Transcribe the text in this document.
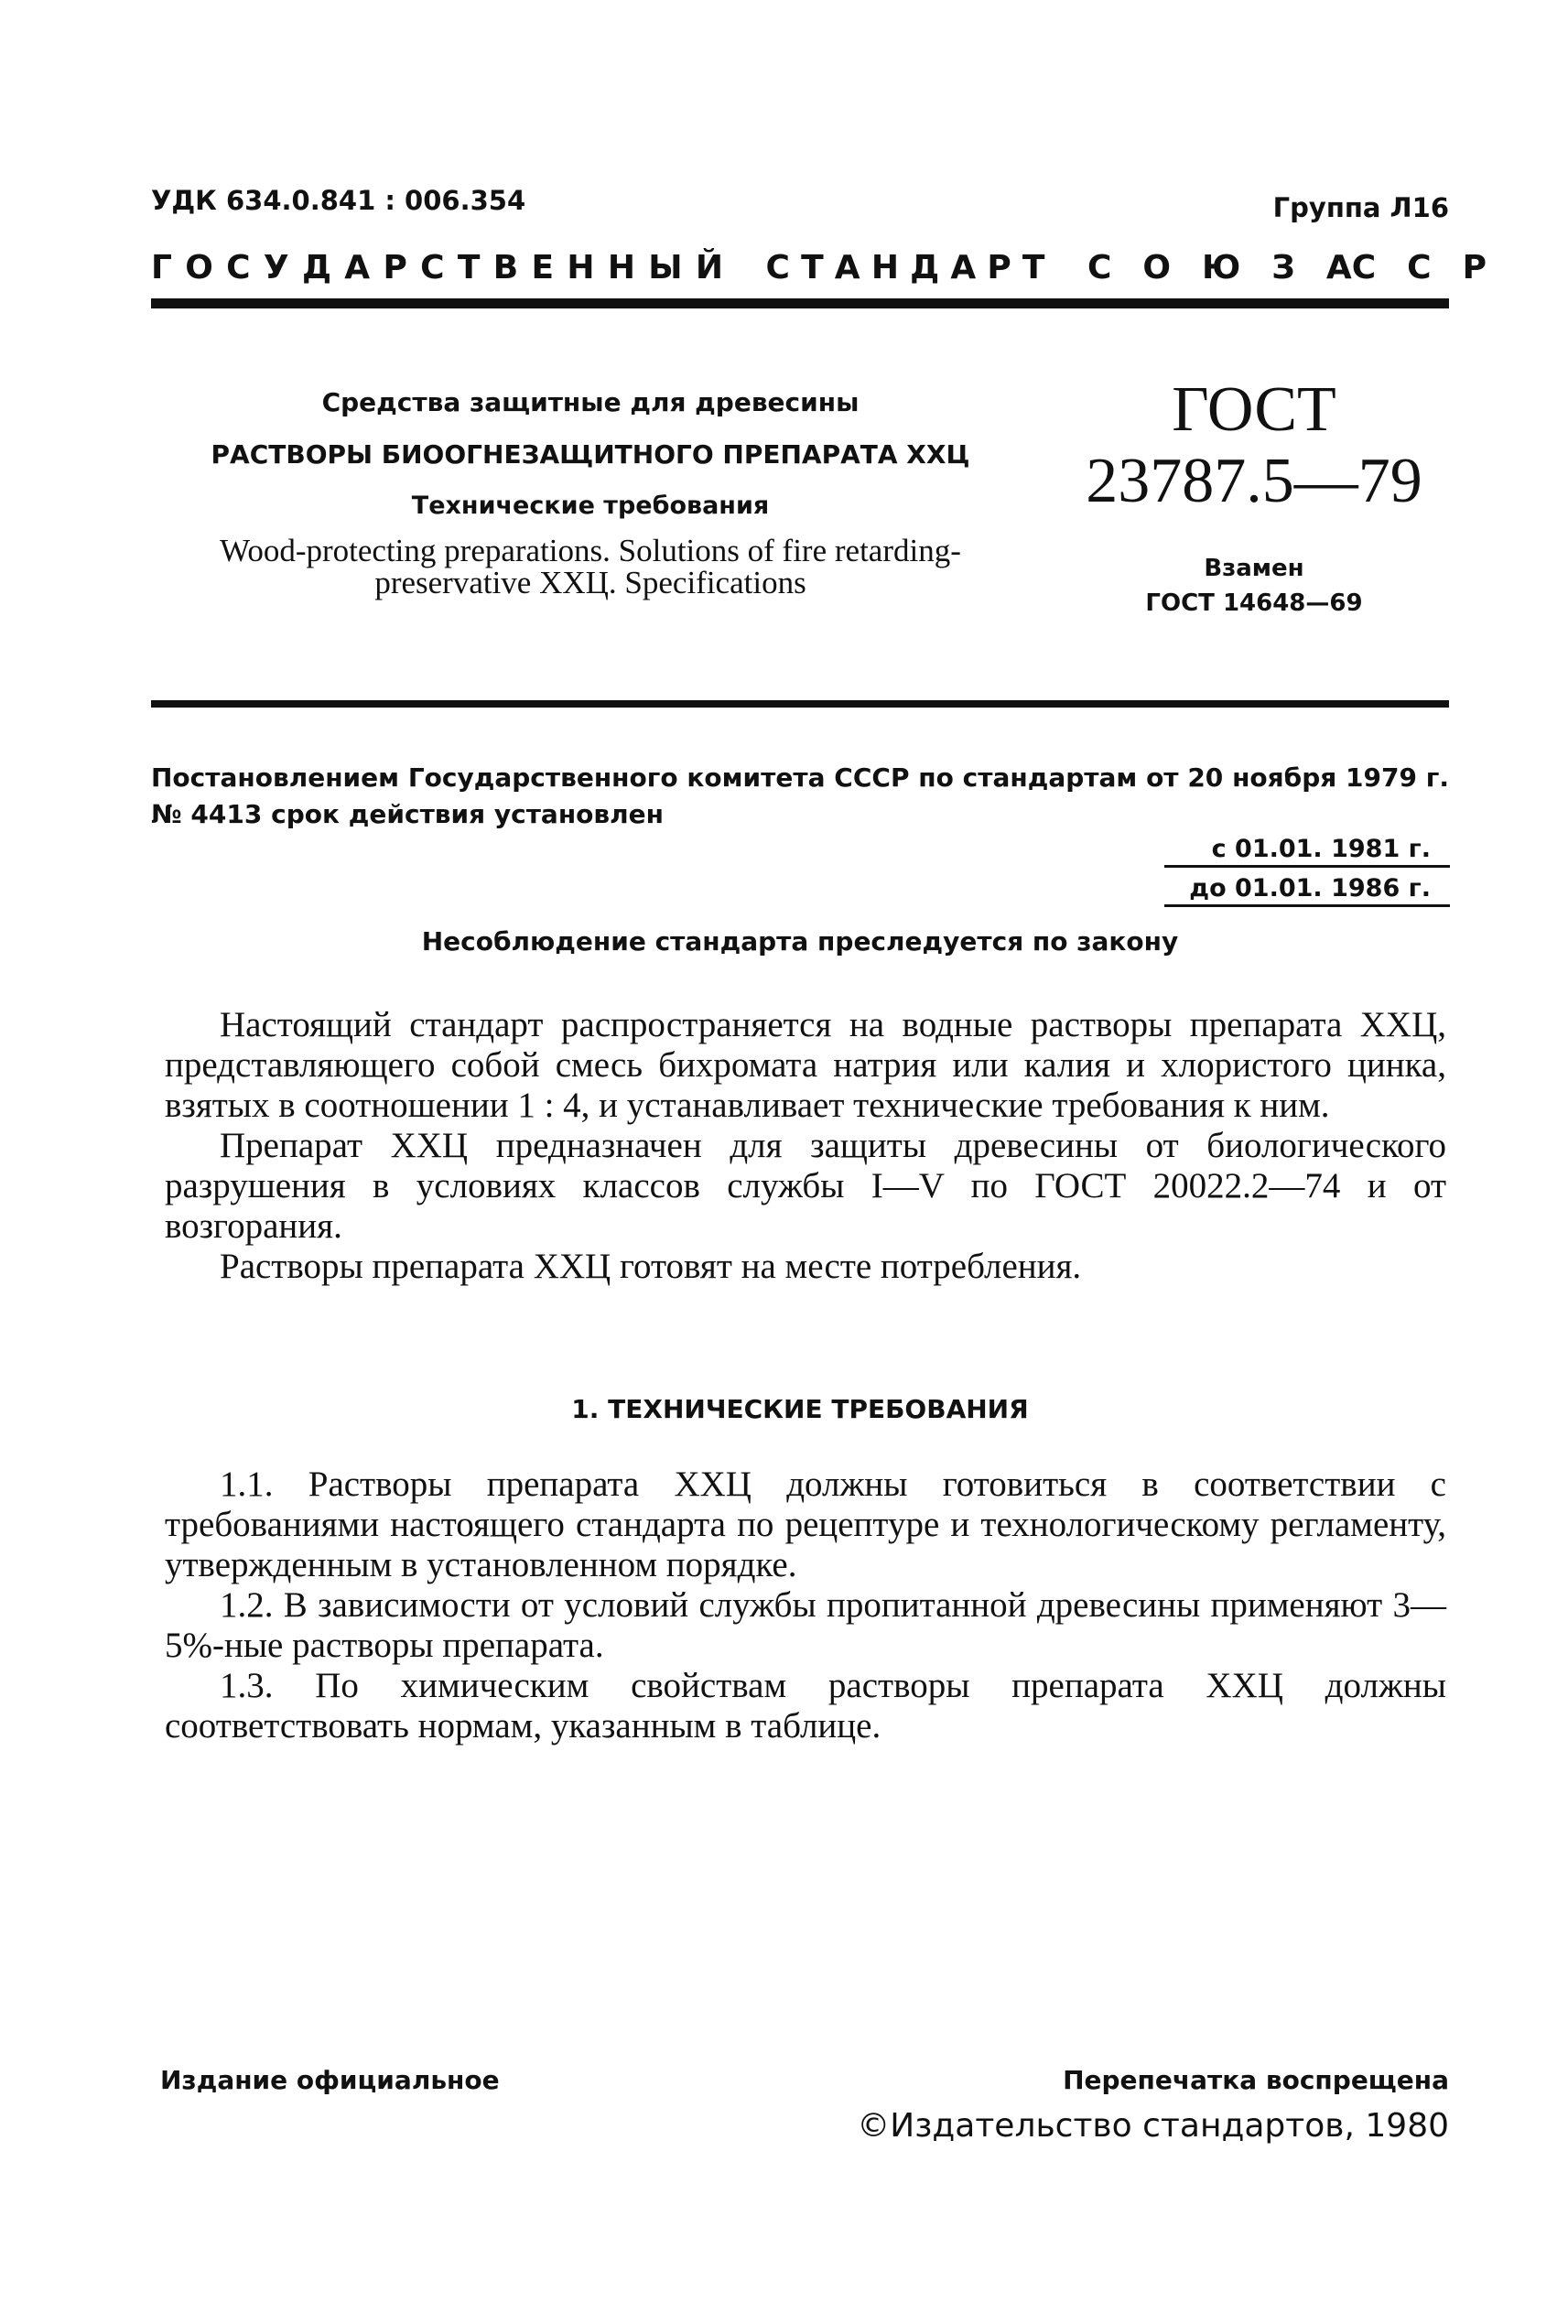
УДК 634.0.841 : 006.354	Группа Л16
Г О С У Д А Р С Т В Е Н Н Ы Й С Т А Н Д А Р Т С О Ю З А С С Р
Средства защитные для древесины
РАСТВОРЫ БИООГНЕЗАЩИТНОГО ПРЕПАРАТА ХХЦ
Технические требования
Wood-protecting preparations. Solutions of fire retarding-preservative ХХЦ. Specifications
ГОСТ
23787.5—79
Взамен
ГОСТ 14648—69
Постановлением Государственного комитета СССР по стандартам от 20 ноября 1979 г. № 4413 срок действия установлен
с 01.01. 1981 г.
до 01.01. 1986 г.
Несоблюдение стандарта преследуется по закону

Настоящий стандарт распространяется на водные растворы препарата ХХЦ, представляющего собой смесь бихромата натрия или калия и хлористого цинка, взятых в соотношении 1 : 4, и устанавливает технические требования к ним.

Препарат ХХЦ предназначен для защиты древесины от биологического разрушения в условиях классов службы I—V по ГОСТ 20022.2—74 и от возгорания.

Растворы препарата ХХЦ готовят на месте потребления.

1. ТЕХНИЧЕСКИЕ ТРЕБОВАНИЯ

1.1. Растворы препарата ХХЦ должны готовиться в соответствии с требованиями настоящего стандарта по рецептуре и технологическому регламенту, утвержденным в установленном порядке.

1.2. В зависимости от условий службы пропитанной древесины применяют 3—5%-ные растворы препарата.

1.3. По химическим свойствам растворы препарата ХХЦ должны соответствовать нормам, указанным в таблице.

Издание официальное	Перепечатка воспрещена
©Издательство стандартов, 1980
